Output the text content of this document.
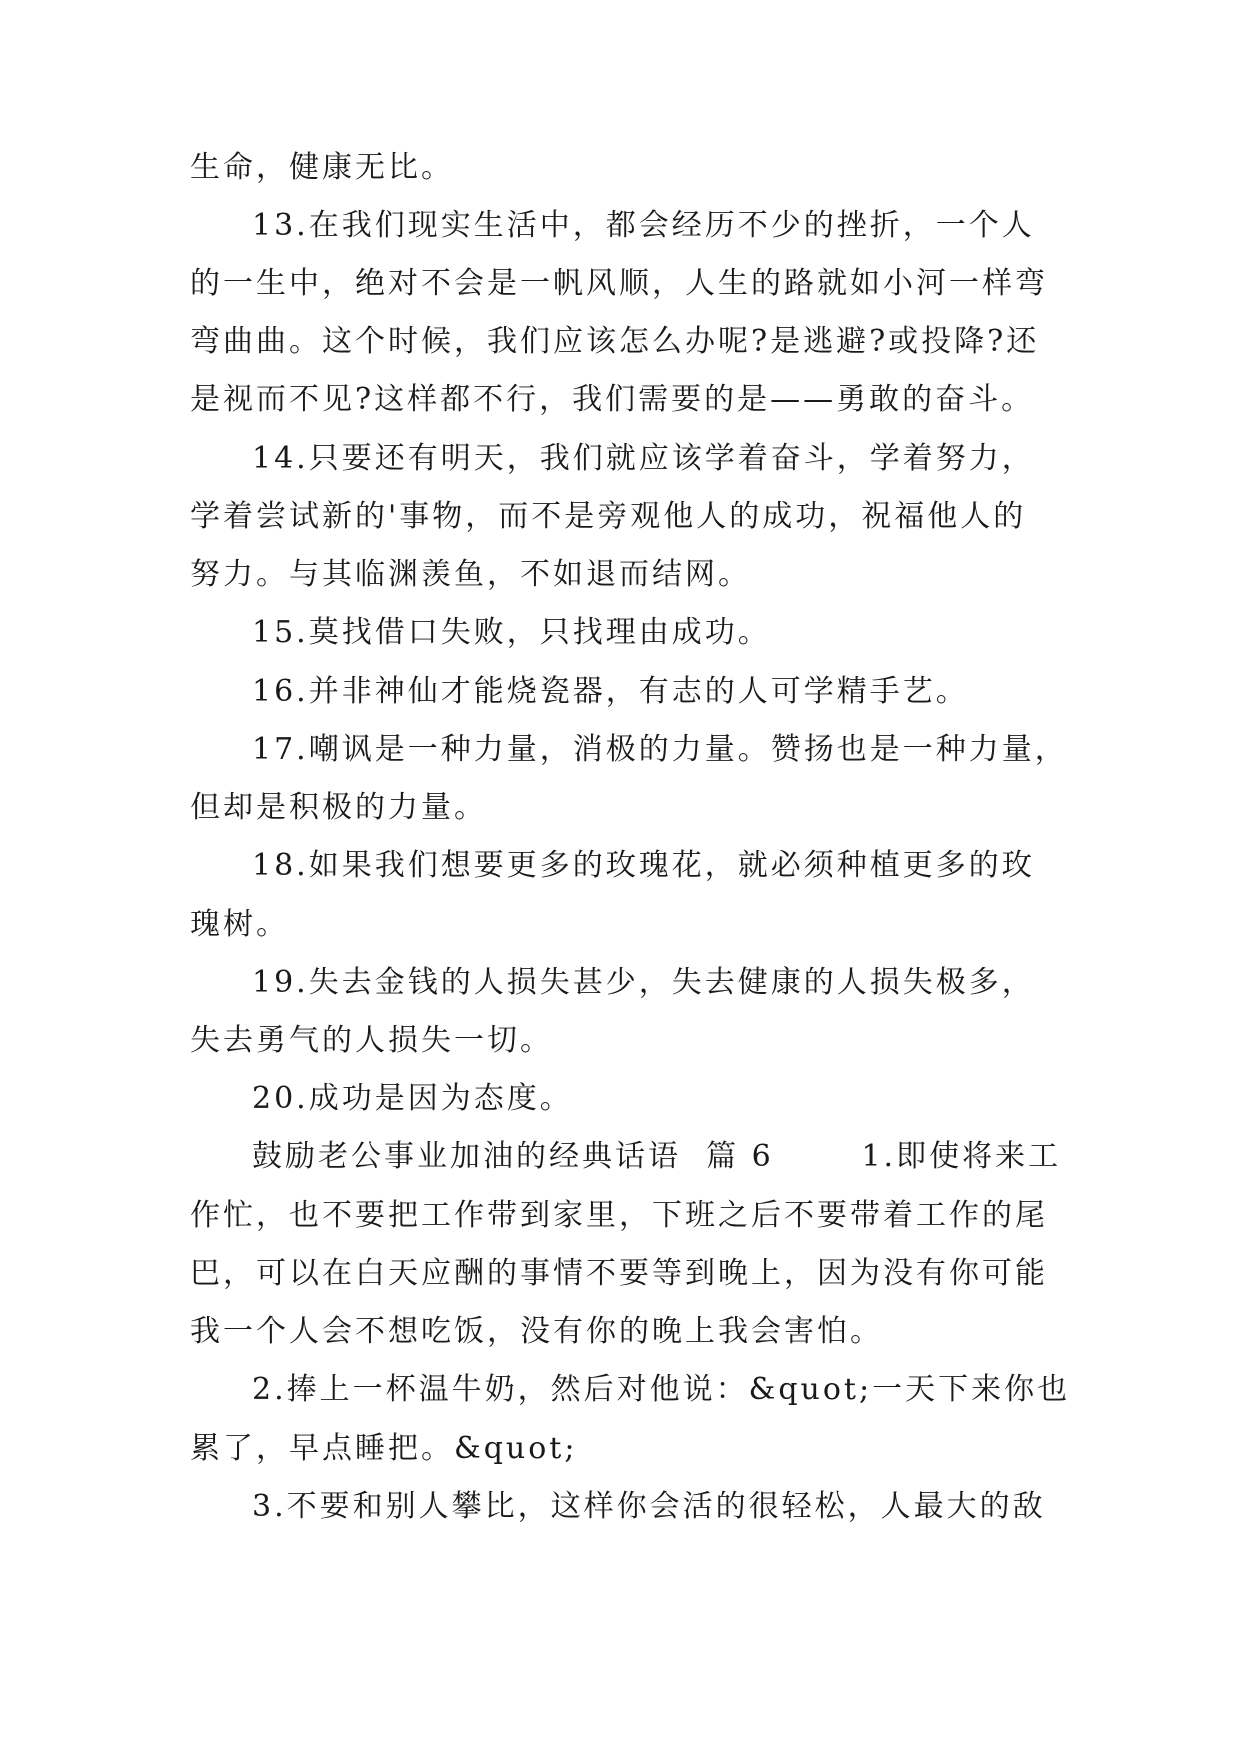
生命，健康无比。
13.在我们现实生活中，都会经历不少的挫折，一个人
的一生中，绝对不会是一帆风顺，人生的路就如小河一样弯
弯曲曲。这个时候，我们应该怎么办呢?是逃避?或投降?还
是视而不见?这样都不行，我们需要的是——勇敢的奋斗。
14.只要还有明天，我们就应该学着奋斗，学着努力，
学着尝试新的'事物，而不是旁观他人的成功，祝福他人的
努力。与其临渊羡鱼，不如退而结网。
15.莫找借口失败，只找理由成功。
16.并非神仙才能烧瓷器，有志的人可学精手艺。
17.嘲讽是一种力量，消极的力量。赞扬也是一种力量，
但却是积极的力量。
18.如果我们想要更多的玫瑰花，就必须种植更多的玫
瑰树。
19.失去金钱的人损失甚少，失去健康的人损失极多，
失去勇气的人损失一切。
20.成功是因为态度。
鼓励老公事业加油的经典话语  篇 6       1.即使将来工
作忙，也不要把工作带到家里，下班之后不要带着工作的尾
巴，可以在白天应酬的事情不要等到晚上，因为没有你可能
我一个人会不想吃饭，没有你的晚上我会害怕。
2.捧上一杯温牛奶，然后对他说：&quot;一天下来你也
累了，早点睡把。&quot;
3.不要和别人攀比，这样你会活的很轻松，人最大的敌
